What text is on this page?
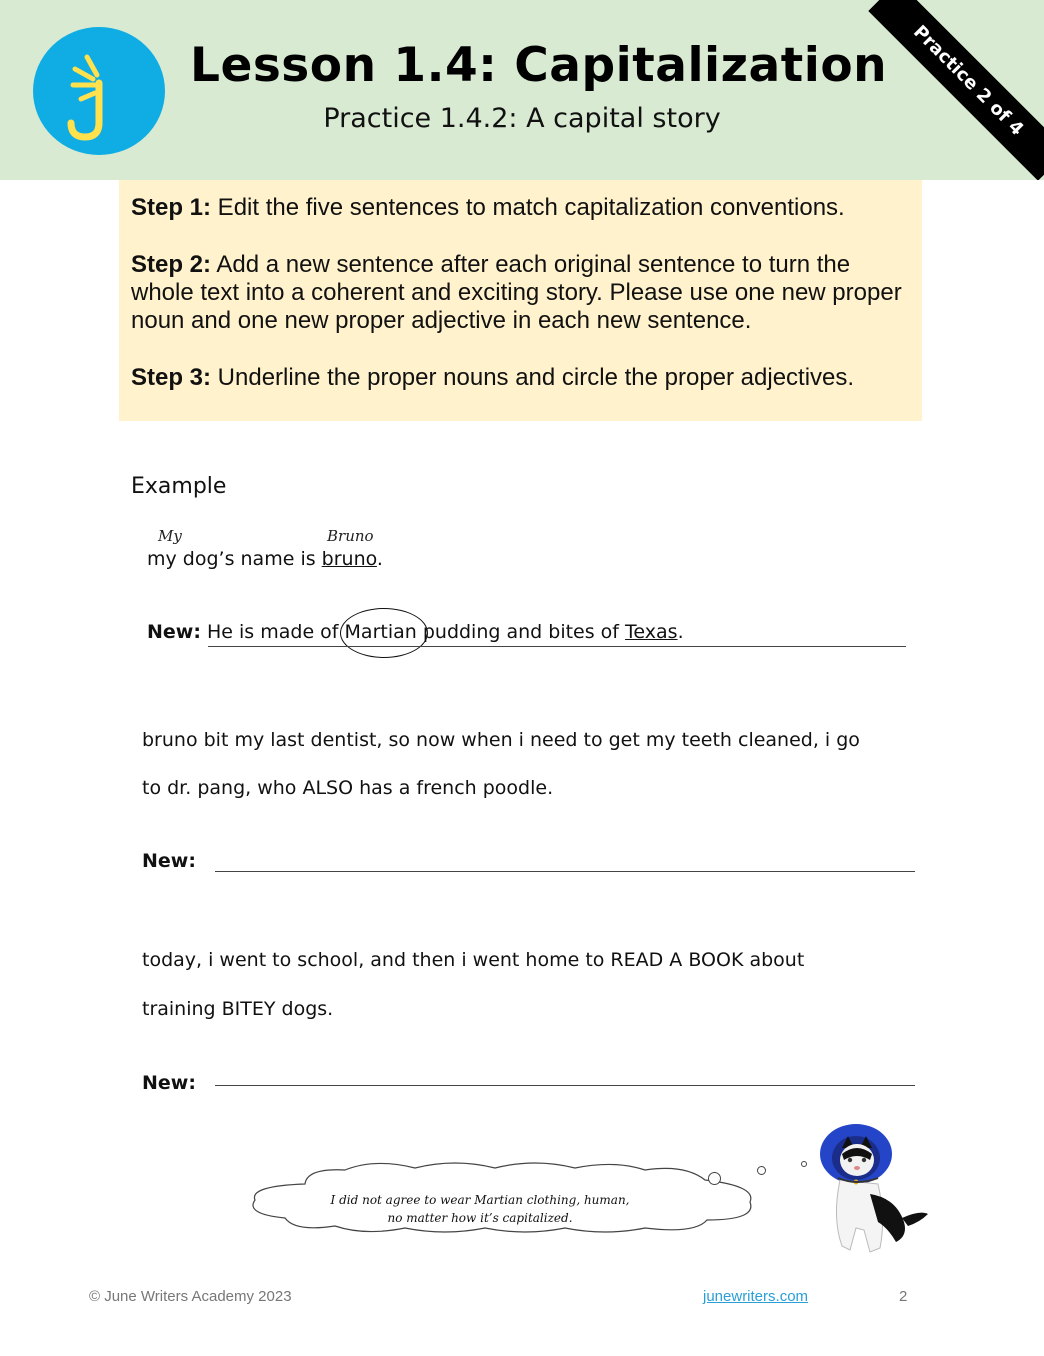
Lesson 1.4: Capitalization
Practice 1.4.2: A capital story	Practice 2 of 4

Step 1: Edit the five sentences to match capitalization conventions.

Step 2: Add a new sentence after each original sentence to turn the whole text into a coherent and exciting story. Please use one new proper noun and one new proper adjective in each new sentence.

Step 3: Underline the proper nouns and circle the proper adjectives.

Example
My	Bruno
my dog’s name is bruno.
New: He is made of Martian pudding and bites of Texas.
bruno bit my last dentist, so now when i need to get my teeth cleaned, i go
to dr. pang, who ALSO has a french poodle.
New:
today, i went to school, and then i went home to READ A BOOK about
training BITEY dogs.
New:
I did not agree to wear Martian clothing, human, no matter how it’s capitalized.
© June Writers Academy 2023	junewriters.com	2
